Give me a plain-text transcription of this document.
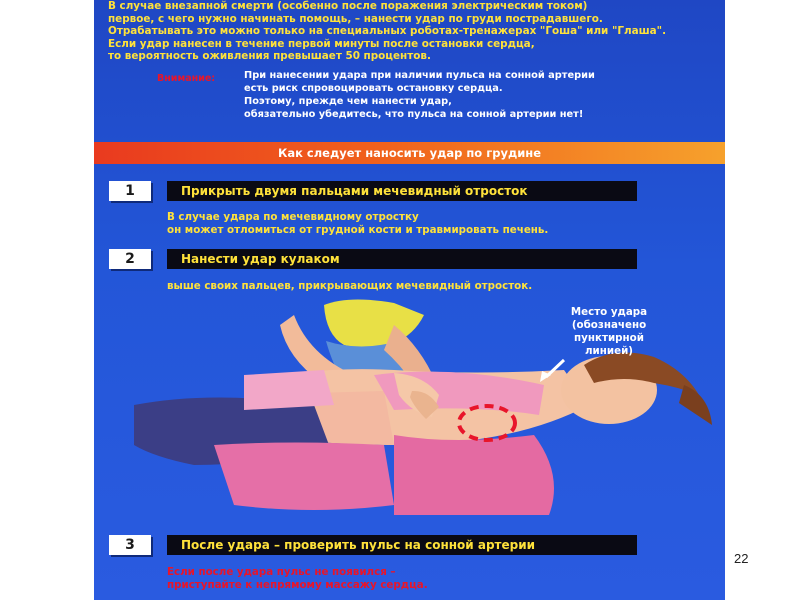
В случае внезапной смерти (особенно после поражения электрическим током)
первое, с чего нужно начинать помощь, – нанести удар по груди пострадавшего.
Отрабатывать это можно только на специальных роботах-тренажерах "Гоша" или "Глаша".
Если удар нанесен в течение первой минуты после остановки сердца,
то вероятность оживления превышает 50 процентов.
Внимание:	При нанесении удара при наличии пульса на сонной артерии
есть риск спровоцировать остановку сердца.
Поэтому, прежде чем нанести удар,
обязательно убедитесь, что пульса на сонной артерии нет!
Как следует наносить удар по грудине
1	Прикрыть двумя пальцами мечевидный отросток
В случае удара по мечевидному отростку
он может отломиться от грудной кости и травмировать печень.
2	Нанести удар кулаком
выше своих пальцев, прикрывающих мечевидный отросток.
Место удара
(обозначено
пунктирной линией)
3	После удара – проверить пульс на сонной артерии
Если после удара пульс не появился –
приступайте к непрямому массажу сердца.
22
